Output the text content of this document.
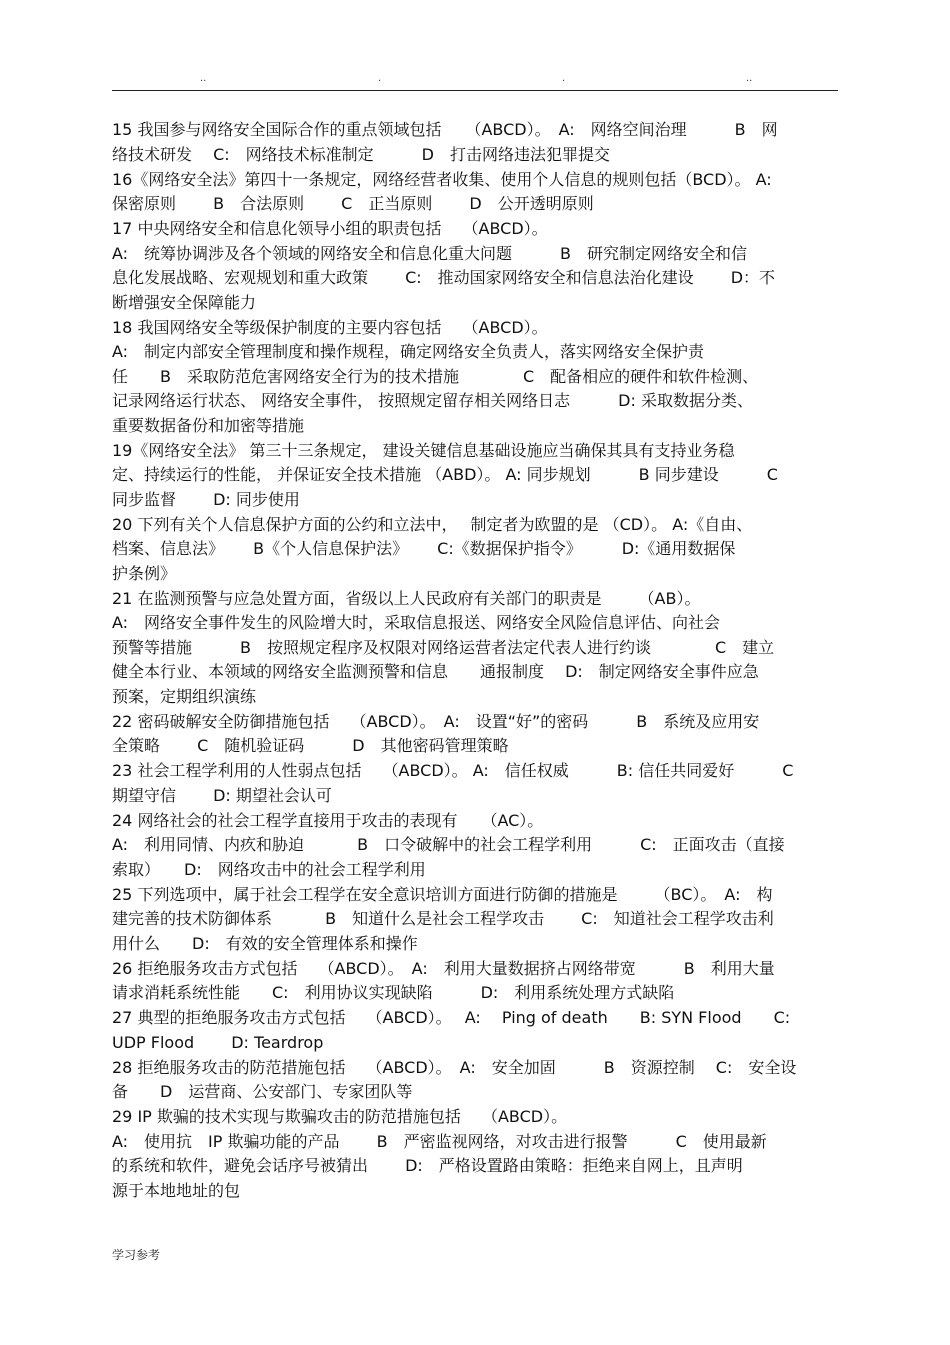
..	.	.	..
15 我国参与网络安全国际合作的重点领域包括　　（ABCD）。　A:　网络空间治理　　　B　网
络技术研发　 C:　网络技术标准制定　　　D　打击网络违法犯罪提交
16《网络安全法》第四十一条规定，网络经营者收集、使用个人信息的规则包括（BCD）。 A:
保密原则　　 B　合法原则　　 C　正当原则　　 D　公开透明原则
17 中央网络安全和信息化领导小组的职责包括　 （ABCD）。
A:　统筹协调涉及各个领域的网络安全和信息化重大问题　　　B　研究制定网络安全和信
息化发展战略、宏观规划和重大政策　　 C:　推动国家网络安全和信息法治化建设　　 D：不
断增强安全保障能力
18 我国网络安全等级保护制度的主要内容包括　 （ABCD）。
A:　制定内部安全管理制度和操作规程，确定网络安全负责人，落实网络安全保护责
任　　B　采取防范危害网络安全行为的技术措施　　　　C　配备相应的硬件和软件检测、
记录网络运行状态、 网络安全事件， 按照规定留存相关网络日志　　　D: 采取数据分类、
重要数据备份和加密等措施
19《网络安全法》 第三十三条规定， 建设关键信息基础设施应当确保其具有支持业务稳
定、持续运行的性能， 并保证安全技术措施 （ABD）。 A: 同步规划　　　B 同步建设　　　C
同步监督　　 D: 同步使用
20 下列有关个人信息保护方面的公约和立法中，　 制定者为欧盟的是 （CD）。 A:《自由、
档案、信息法》　　 B《个人信息保护法》　　 C:《数据保护指令》　　　D:《通用数据保
护条例》
21 在监测预警与应急处置方面，省级以上人民政府有关部门的职责是　　 （AB）。
A:　网络安全事件发生的风险增大时，采取信息报送、网络安全风险信息评估、向社会
预警等措施　　　B　按照规定程序及权限对网络运营者法定代表人进行约谈　　　　C　建立
健全本行业、本领域的网络安全监测预警和信息　　通报制度　 D:　制定网络安全事件应急
预案，定期组织演练
22 密码破解安全防御措施包括　 （ABCD）。　A:　设置“好”的密码　　　B　系统及应用安
全策略　　 C　随机验证码　　　D　其他密码管理策略
23 社会工程学利用的人性弱点包括　 （ABCD）。 A:　信任权威　　　B: 信任共同爱好　　　C
期望守信　　 D: 期望社会认可
24 网络社会的社会工程学直接用于攻击的表现有　　（AC）。
A:　利用同情、内疚和胁迫　　　 B　口令破解中的社会工程学利用　　　C:　正面攻击（直接
索取）　　D:　网络攻击中的社会工程学利用
25 下列选项中，属于社会工程学在安全意识培训方面进行防御的措施是　　 （BC）。　A:　构
建完善的技术防御体系　　　 B　知道什么是社会工程学攻击　　 C:　知道社会工程学攻击利
用什么　　D:　有效的安全管理体系和操作
26 拒绝服务攻击方式包括　 （ABCD）。　A:　利用大量数据挤占网络带宽　　　B　利用大量
请求消耗系统性能　　C:　利用协议实现缺陷　　　D:　利用系统处理方式缺陷
27 典型的拒绝服务攻击方式包括　 （ABCD）。　 A:　 Ping of death　　B: SYN Flood　　C:
UDP Flood　　 D: Teardrop
28 拒绝服务攻击的防范措施包括　 （ABCD）。　A:　安全加固　　　B　资源控制　 C:　安全设
备　　D　运营商、公安部门、专家团队等
29 IP 欺骗的技术实现与欺骗攻击的防范措施包括　 （ABCD）。
A:　使用抗　IP 欺骗功能的产品　　 B　严密监视网络，对攻击进行报警　　　C　使用最新
的系统和软件，避免会话序号被猜出　　 D:　严格设置路由策略：拒绝来自网上，且声明
源于本地地址的包
学习参考
